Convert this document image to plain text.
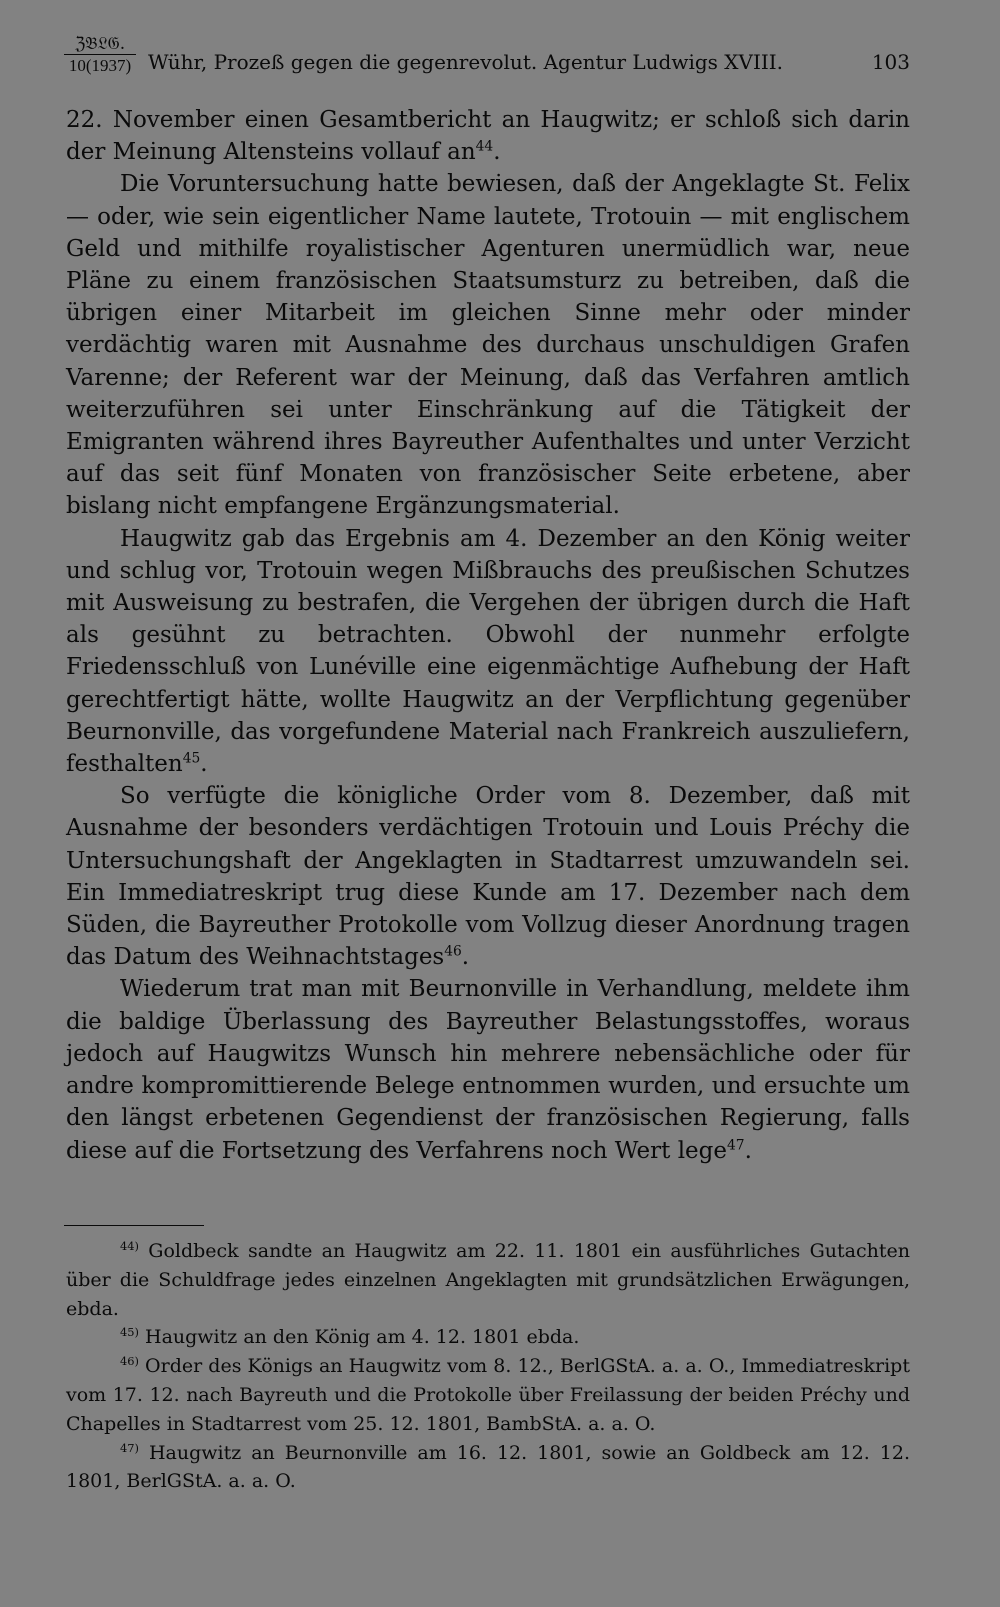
ℨ𝔅𝔏𝔊.
10(1937) Wühr, Prozeß gegen die gegenrevolut. Agentur Ludwigs XVIII.	103

22. November einen Gesamtbericht an Haugwitz; er schloß sich darin der Meinung Altensteins vollauf $an^{44}$.

Die Voruntersuchung hatte bewiesen, daß der Angeklagte St. Felix — oder, wie sein eigentlicher Name lautete, Trotouin — mit englischem Geld und mithilfe royalistischer Agenturen unermüdlich war, neue Pläne zu einem französischen Staatsumsturz zu betreiben, daß die übrigen einer Mitarbeit im gleichen Sinne mehr oder minder verdächtig waren mit Ausnahme des durchaus unschuldigen Grafen Varenne; der Referent war der Meinung, daß das Verfahren amtlich weiterzuführen sei unter Einschränkung auf die Tätigkeit der Emigranten während ihres Bayreuther Aufenthaltes und unter Verzicht auf das seit fünf Monaten von französischer Seite erbetene, aber bislang nicht empfangene Ergänzungsmaterial.

Haugwitz gab das Ergebnis am 4. Dezember an den König weiter und schlug vor, Trotouin wegen Mißbrauchs des preußischen Schutzes mit Ausweisung zu bestrafen, die Vergehen der übrigen durch die Haft als gesühnt zu betrachten. Obwohl der nunmehr erfolgte Friedensschluß von Lunéville eine eigenmächtige Aufhebung der Haft gerechtfertigt hätte, wollte Haugwitz an der Verpflichtung gegenüber Beurnonville, das vorgefundene Material nach Frankreich auszuliefern, festhalten$^{45}$.

So verfügte die königliche Order vom 8. Dezember, daß mit Ausnahme der besonders verdächtigen Trotouin und Louis Préchy die Untersuchungshaft der Angeklagten in Stadtarrest umzuwandeln sei. Ein Immediatreskript trug diese Kunde am 17. Dezember nach dem Süden, die Bayreuther Protokolle vom Vollzug dieser Anordnung tragen das Datum des Weihnachtstages$^{46}$.

Wiederum trat man mit Beurnonville in Verhandlung, meldete ihm die baldige Überlassung des Bayreuther Belastungsstoffes, woraus jedoch auf Haugwitzs Wunsch hin mehrere nebensächliche oder für andre kompromittierende Belege entnommen wurden, und ersuchte um den längst erbetenen Gegendienst der französischen Regierung, falls diese auf die Fortsetzung des Verfahrens noch Wert lege$^{47}$.

$^{44)}$ Goldbeck sandte an Haugwitz am 22. 11. 1801 ein ausführliches Gutachten über die Schuldfrage jedes einzelnen Angeklagten mit grundsätzlichen Erwägungen, ebda.

$^{45)}$ Haugwitz an den König am 4. 12. 1801 ebda.

$^{46)}$ Order des Königs an Haugwitz vom 8. 12., BerlGStA. a. a. O., Immediatreskript vom 17. 12. nach Bayreuth und die Protokolle über Freilassung der beiden Préchy und Chapelles in Stadtarrest vom 25. 12. 1801, BambStA. a. a. O.

$^{47)}$ Haugwitz an Beurnonville am 16. 12. 1801, sowie an Goldbeck am 12. 12. 1801, BerlGStA. a. a. O.
